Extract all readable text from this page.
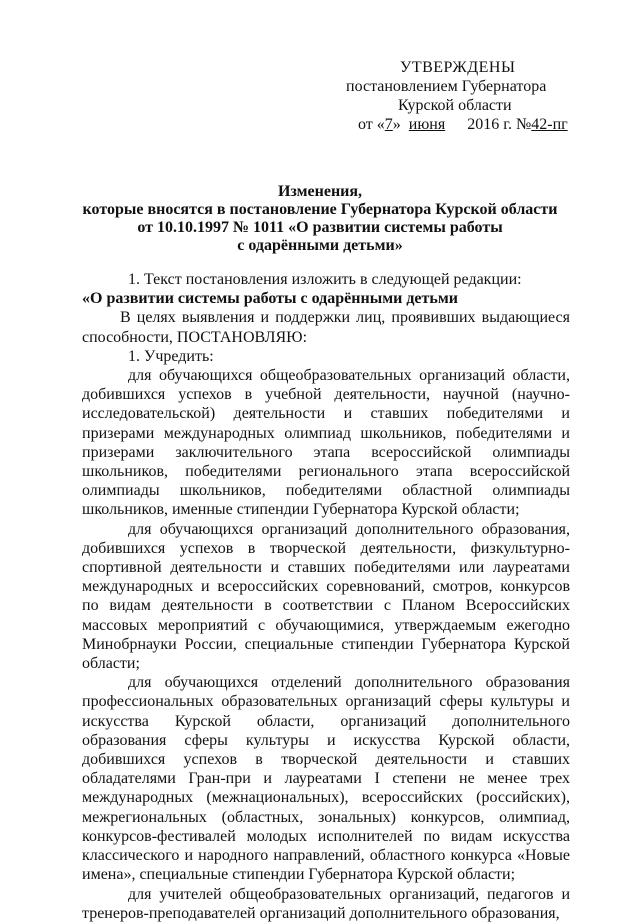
УТВЕРЖДЕНЫ
постановлением Губернатора
Курской области
от «7» июня 2016 г. №42-пг
Изменения,
которые вносятся в постановление Губернатора Курской области
от 10.10.1997 № 1011 «О развитии системы работы
с одарёнными детьми»

1. Текст постановления изложить в следующей редакции:

«О развитии системы работы с одарёнными детьми

В целях выявления и поддержки лиц, проявивших выдающиеся способности, ПОСТАНОВЛЯЮ:

1. Учредить:

для обучающихся общеобразовательных организаций области, добившихся успехов в учебной деятельности, научной (научно-исследовательской) деятельности и ставших победителями и призерами международных олимпиад школьников, победителями и призерами заключительного этапа всероссийской олимпиады школьников, победителями регионального этапа всероссийской олимпиады школьников, победителями областной олимпиады школьников, именные стипендии Губернатора Курской области;

для обучающихся организаций дополнительного образования, добившихся успехов в творческой деятельности, физкультурно-спортивной деятельности и ставших победителями или лауреатами международных и всероссийских соревнований, смотров, конкурсов по видам деятельности в соответствии с Планом Всероссийских массовых мероприятий с обучающимися, утверждаемым ежегодно Минобрнауки России, специальные стипендии Губернатора Курской области;

для обучающихся отделений дополнительного образования профессиональных образовательных организаций сферы культуры и искусства Курской области, организаций дополнительного образования сферы культуры и искусства Курской области, добившихся успехов в творческой деятельности и ставших обладателями Гран-при и лауреатами I степени не менее трех международных (межнациональных), всероссийских (российских), межрегиональных (областных, зональных) конкурсов, олимпиад, конкурсов-фестивалей молодых исполнителей по видам искусства классического и народного направлений, областного конкурса «Новые имена», специальные стипендии Губернатора Курской области;

для учителей общеобразовательных организаций, педагогов и тренеров-преподавателей организаций дополнительного образования,
